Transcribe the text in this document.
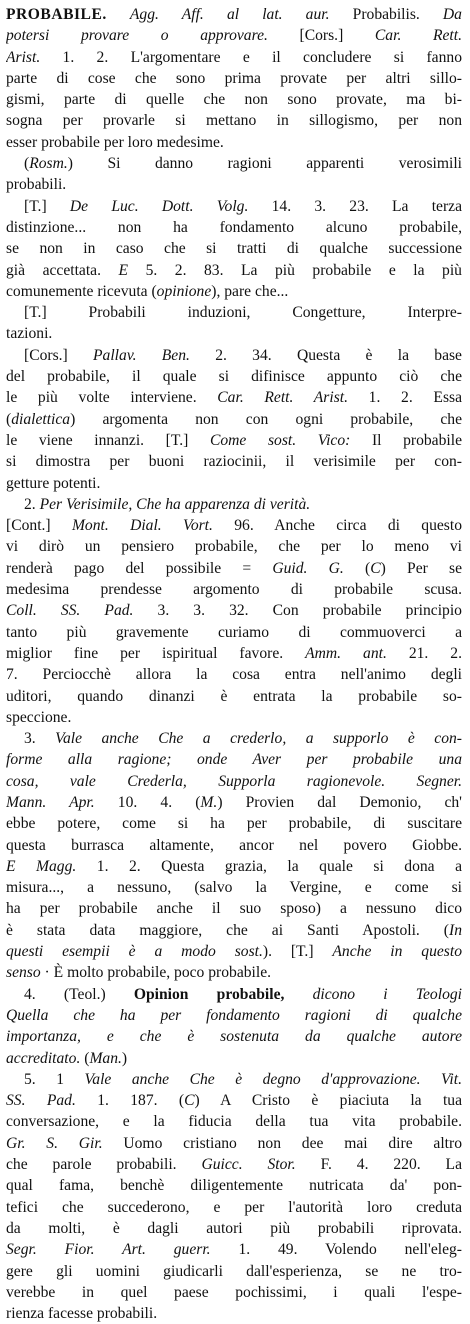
PROBABILE. Agg. Aff. al lat. aur. Probabilis. Da
potersi provare o approvare. [Cors.] Car. Rett.
Arist. 1. 2. L'argomentare e il concludere si fanno
parte di cose che sono prima provate per altri sillo-
gismi, parte di quelle che non sono provate, ma bi-
sogna per provarle si mettano in sillogismo, per non
esser probabile per loro medesime.
(Rosm.) Si danno ragioni apparenti verosimili
probabili.
[T.] De Luc. Dott. Volg. 14. 3. 23. La terza
distinzione... non ha fondamento alcuno probabile,
se non in caso che si tratti di qualche successione
già accettata. E 5. 2. 83. La più probabile e la più
comunemente ricevuta (opinione), pare che...
[T.] Probabili induzioni, Congetture, Interpre-
tazioni.
[Cors.] Pallav. Ben. 2. 34. Questa è la base
del probabile, il quale si difinisce appunto ciò che
le più volte interviene. Car. Rett. Arist. 1. 2. Essa
(dialettica) argomenta non con ogni probabile, che
le viene innanzi. [T.] Come sost. Vico: Il probabile
si dimostra per buoni raziocinii, il verisimile per con-
getture potenti.
2. Per Verisimile, Che ha apparenza di verità.
[Cont.] Mont. Dial. Vort. 96. Anche circa di questo
vi dirò un pensiero probabile, che per lo meno vi
renderà pago del possibile = Guid. G. (C) Per se
medesima prendesse argomento di probabile scusa.
Coll. SS. Pad. 3. 3. 32. Con probabile principio
tanto più gravemente curiamo di commuoverci a
miglior fine per ispiritual favore. Amm. ant. 21. 2.
7. Perciocchè allora la cosa entra nell'animo degli
uditori, quando dinanzi è entrata la probabile so-
speccione.
3. Vale anche Che a crederlo, a supporlo è con-
forme alla ragione; onde Aver per probabile una
cosa, vale Crederla, Supporla ragionevole. Segner.
Mann. Apr. 10. 4. (M.) Provien dal Demonio, ch'
ebbe potere, come si ha per probabile, di suscitare
questa burrasca altamente, ancor nel povero Giobbe.
E Magg. 1. 2. Questa grazia, la quale si dona a
misura..., a nessuno, (salvo la Vergine, e come si
ha per probabile anche il suo sposo) a nessuno dico
è stata data maggiore, che ai Santi Apostoli. (In
questi esempii è a modo sost.). [T.] Anche in questo
senso · È molto probabile, poco probabile.
4. (Teol.) Opinion probabile, dicono i Teologi
Quella che ha per fondamento ragioni di qualche
importanza, e che è sostenuta da qualche autore
accreditato. (Man.)
5. 1 Vale anche Che è degno d'approvazione. Vit.
SS. Pad. 1. 187. (C) A Cristo è piaciuta la tua
conversazione, e la fiducia della tua vita probabile.
Gr. S. Gir. Uomo cristiano non dee mai dire altro
che parole probabili. Guicc. Stor. F. 4. 220. La
qual fama, benchè diligentemente nutricata da' pon-
tefici che succederono, e per l'autorità loro creduta
da molti, è dagli autori più probabili riprovata.
Segr. Fior. Art. guerr. 1. 49. Volendo nell'eleg-
gere gli uomini giudicarli dall'esperienza, se ne tro-
verebbe in quel paese pochissimi, i quali l'espe-
rienza facesse probabili.
